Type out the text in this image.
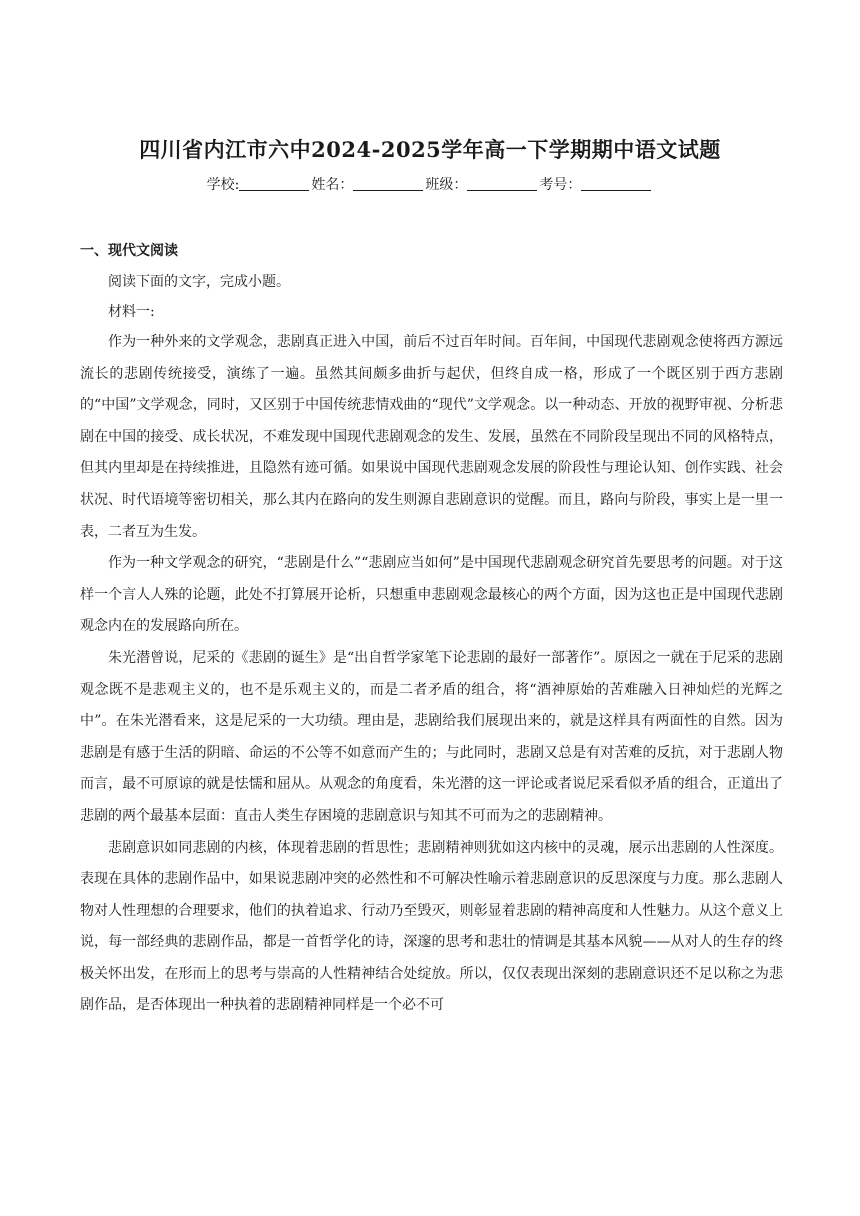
四川省内江市六中2024-2025学年高一下学期期中语文试题
学校:	姓名：	班级：	考号：
一、现代文阅读

阅读下面的文字，完成小题。

材料一:

作为一种外来的文学观念，悲剧真正进入中国，前后不过百年时间。百年间，中国现代悲剧观念使将西方源远流长的悲剧传统接受，演练了一遍。虽然其间颇多曲折与起伏，但终自成一格，形成了一个既区别于西方悲剧的“中国”文学观念，同时，又区别于中国传统悲情戏曲的“现代”文学观念。以一种动态、开放的视野审视、分析悲剧在中国的接受、成长状况，不难发现中国现代悲剧观念的发生、发展，虽然在不同阶段呈现出不同的风格特点，但其内里却是在持续推进，且隐然有迹可循。如果说中国现代悲剧观念发展的阶段性与理论认知、创作实践、社会状况、时代语境等密切相关，那么其内在路向的发生则源自悲剧意识的觉醒。而且，路向与阶段，事实上是一里一表，二者互为生发。

作为一种文学观念的研究，“悲剧是什么”“悲剧应当如何”是中国现代悲剧观念研究首先要思考的问题。对于这样一个言人人殊的论题，此处不打算展开论析，只想重申悲剧观念最核心的两个方面，因为这也正是中国现代悲剧观念内在的发展路向所在。

朱光潜曾说，尼采的《悲剧的诞生》是“出自哲学家笔下论悲剧的最好一部著作”。原因之一就在于尼采的悲剧观念既不是悲观主义的，也不是乐观主义的，而是二者矛盾的组合，将“酒神原始的苦难融入日神灿烂的光辉之中”。在朱光潜看来，这是尼采的一大功绩。理由是，悲剧给我们展现出来的，就是这样具有两面性的自然。因为悲剧是有感于生活的阴暗、命运的不公等不如意而产生的；与此同时，悲剧又总是有对苦难的反抗，对于悲剧人物而言，最不可原谅的就是怯懦和屈从。从观念的角度看，朱光潜的这一评论或者说尼采看似矛盾的组合，正道出了悲剧的两个最基本层面：直击人类生存困境的悲剧意识与知其不可而为之的悲剧精神。

悲剧意识如同悲剧的内核，体现着悲剧的哲思性；悲剧精神则犹如这内核中的灵魂，展示出悲剧的人性深度。表现在具体的悲剧作品中，如果说悲剧冲突的必然性和不可解决性喻示着悲剧意识的反思深度与力度。那么悲剧人物对人性理想的合理要求，他们的执着追求、行动乃至毁灭，则彰显着悲剧的精神高度和人性魅力。从这个意义上说，每一部经典的悲剧作品，都是一首哲学化的诗，深邃的思考和悲壮的情调是其基本风貌——从对人的生存的终极关怀出发，在形而上的思考与崇高的人性精神结合处绽放。所以，仅仅表现出深刻的悲剧意识还不足以称之为悲剧作品，是否体现出一种执着的悲剧精神同样是一个必不可
